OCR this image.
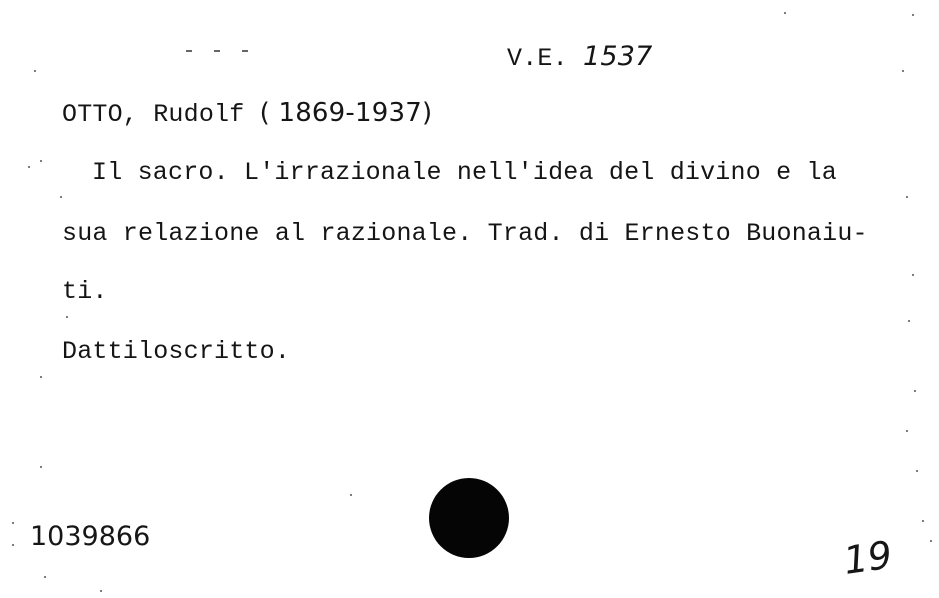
V.E. 1537
OTTO, Rudolf ( 1869-1937)
Il sacro. L'irrazionale nell'idea del divino e la
sua relazione al razionale. Trad. di Ernesto Buonaiu-
ti.
Dattiloscritto.
1039866	19
